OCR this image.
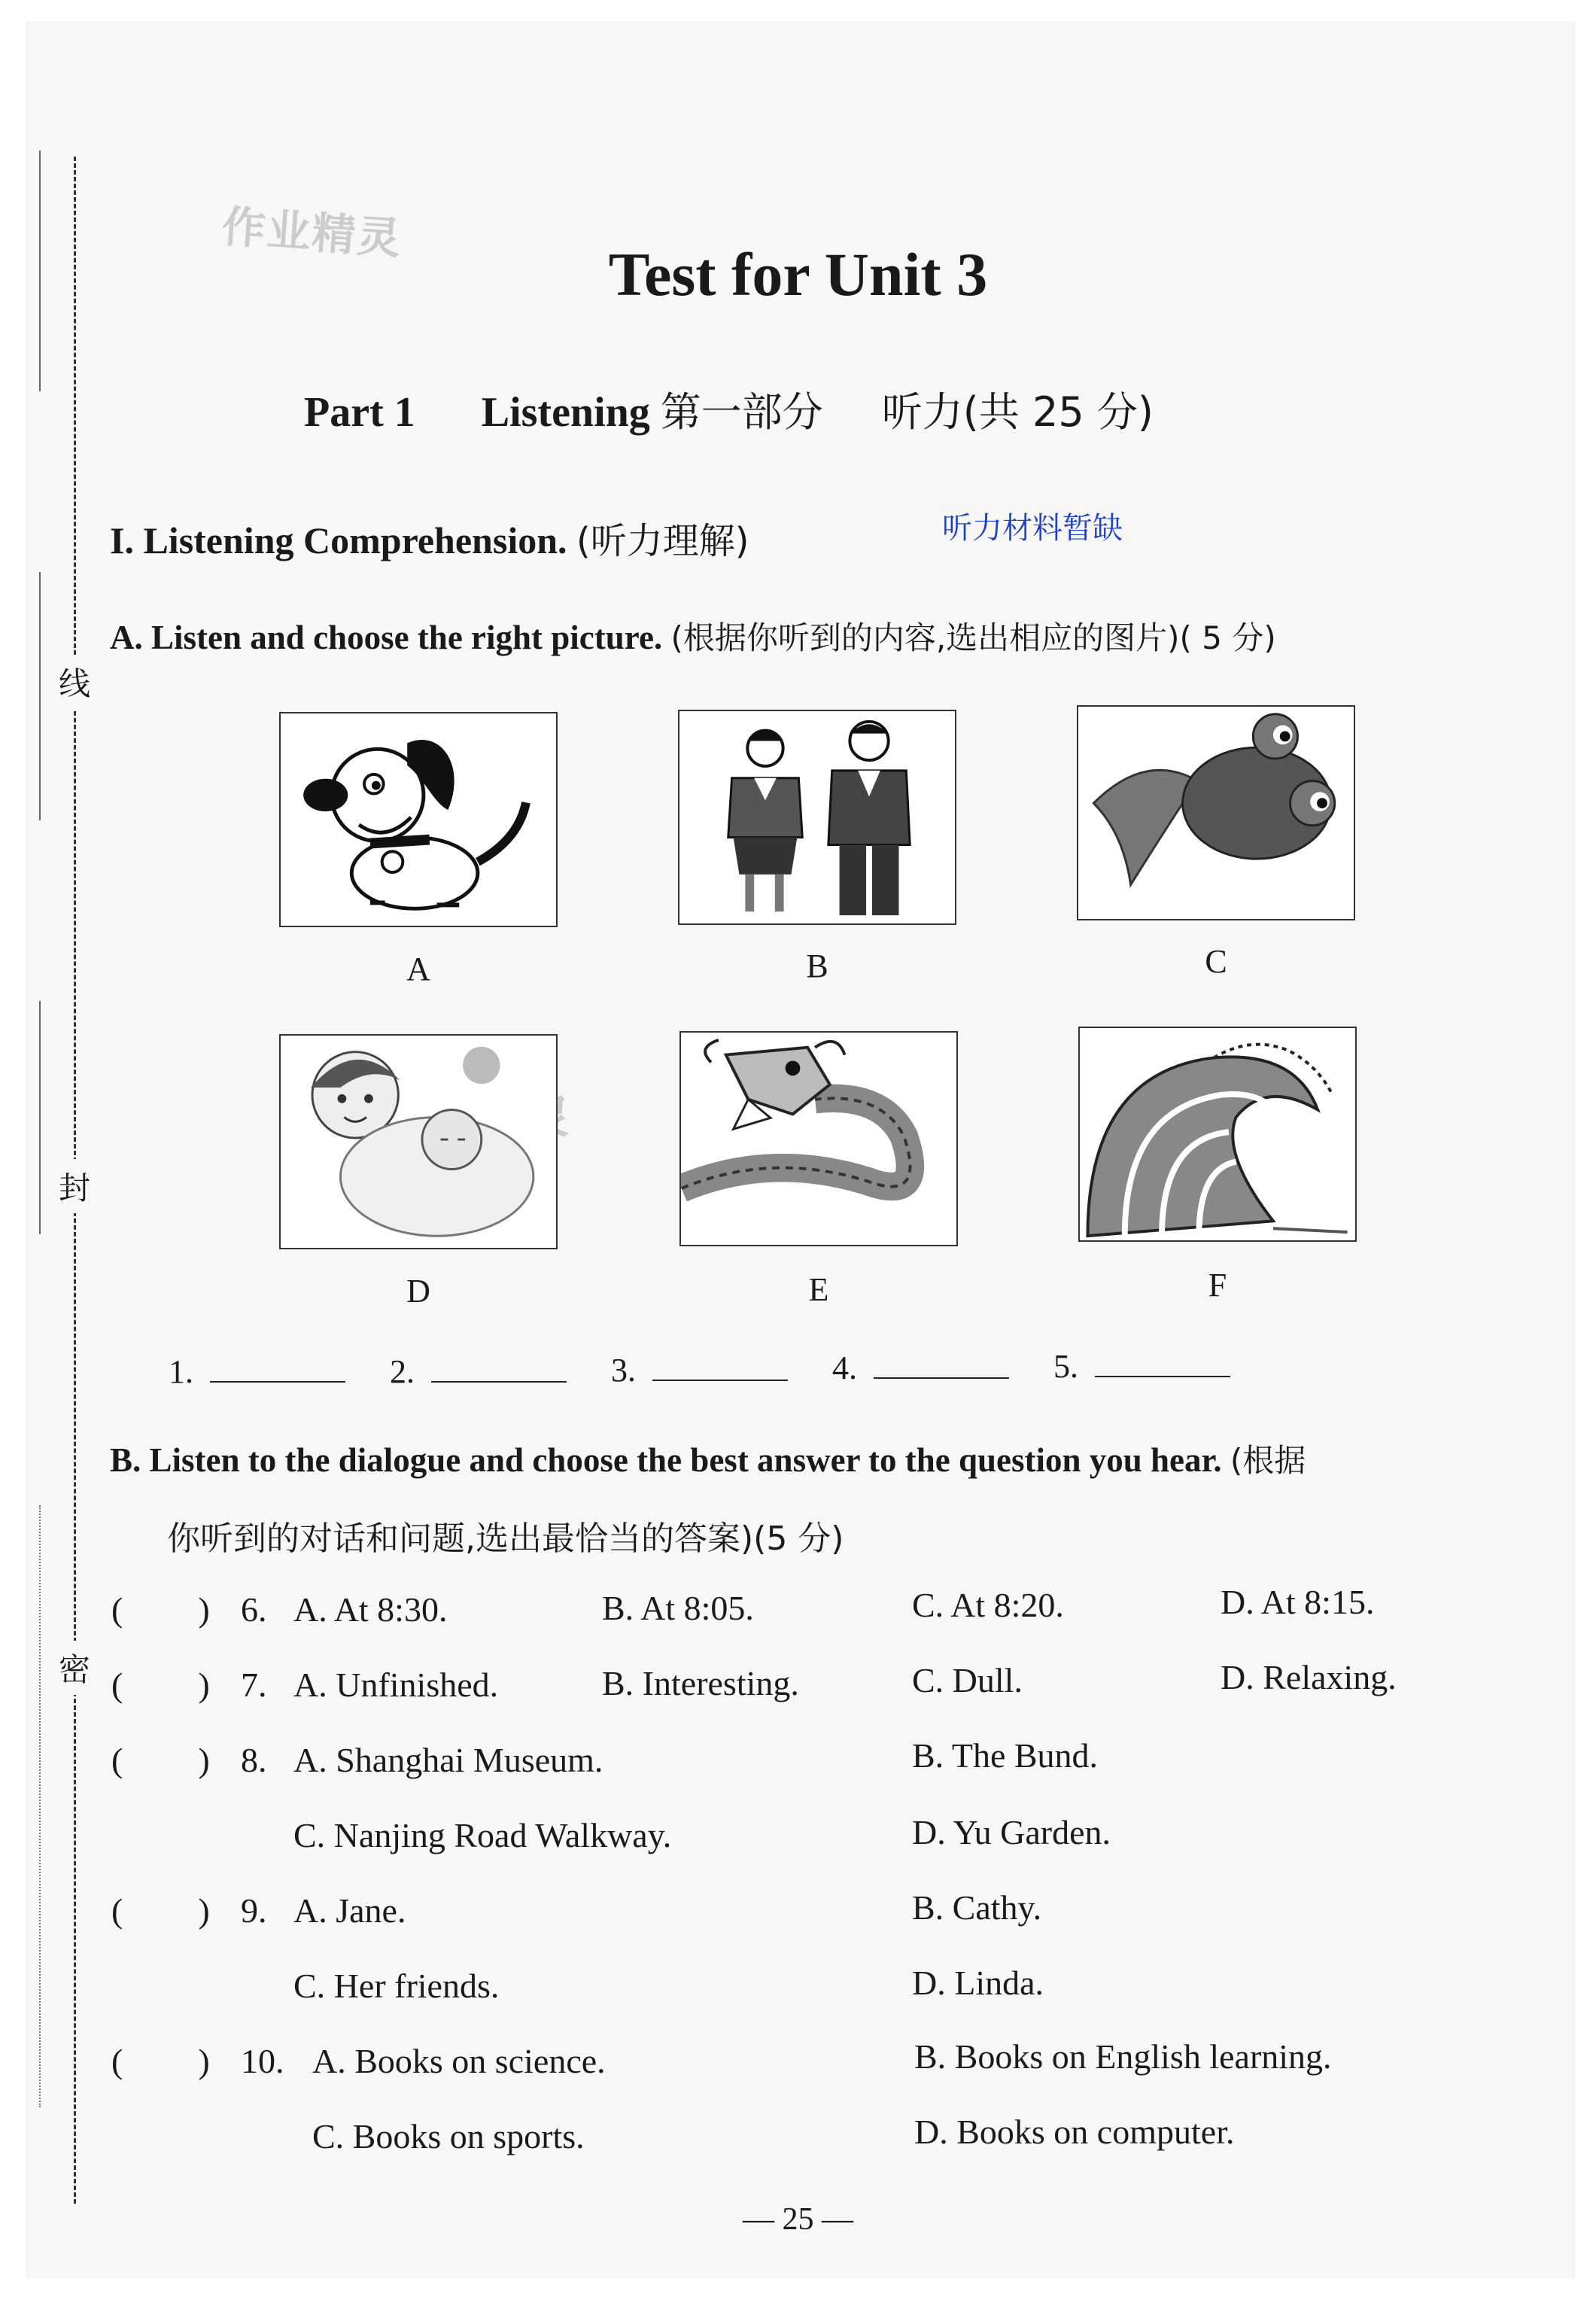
线
封
密
作业精灵
Test for Unit 3
Part 1 Listening 第一部分 听力(共 25 分)
I. Listening Comprehension. (听力理解)	听力材料暂缺
A. Listen and choose the right picture. (根据你听到的内容,选出相应的图片)( 5 分)
A	B	C
D	E	F
1.	2.	3.	4.	5.
B. Listen to the dialogue and choose the best answer to the question you hear. (根据
你听到的对话和问题,选出最恰当的答案)(5 分)
( ) 6. A. At 8:30.	B. At 8:05.	C. At 8:20.	D. At 8:15.
( ) 7. A. Unfinished.	B. Interesting.	C. Dull.	D. Relaxing.
( ) 8. A. Shanghai Museum.	B. The Bund.
C. Nanjing Road Walkway.	D. Yu Garden.
( ) 9. A. Jane.	B. Cathy.
C. Her friends.	D. Linda.
( ) 10. A. Books on science.	B. Books on English learning.
C. Books on sports.	D. Books on computer.
— 25 —
